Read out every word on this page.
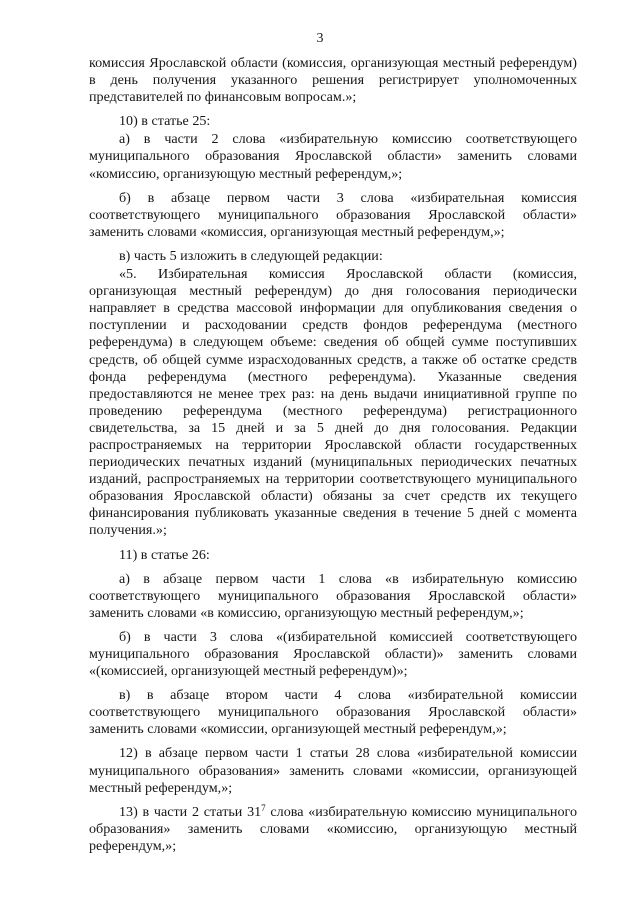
3

комиссия Ярославской области (комиссия, организующая местный референдум) в день получения указанного решения регистрирует уполномоченных представителей по финансовым вопросам.»;

10) в статье 25:

а) в части 2 слова «избирательную комиссию соответствующего муниципального образования Ярославской области» заменить словами «комиссию, организующую местный референдум,»;

б) в абзаце первом части 3 слова «избирательная комиссия соответствующего муниципального образования Ярославской области» заменить словами «комиссия, организующая местный референдум,»;

в) часть 5 изложить в следующей редакции:

«5. Избирательная комиссия Ярославской области (комиссия, организующая местный референдум) до дня голосования периодически направляет в средства массовой информации для опубликования сведения о поступлении и расходовании средств фондов референдума (местного референдума) в следующем объеме: сведения об общей сумме поступивших средств, об общей сумме израсходованных средств, а также об остатке средств фонда референдума (местного референдума). Указанные сведения предоставляются не менее трех раз: на день выдачи инициативной группе по проведению референдума (местного референдума) регистрационного свидетельства, за 15 дней и за 5 дней до дня голосования. Редакции распространяемых на территории Ярославской области государственных периодических печатных изданий (муниципальных периодических печатных изданий, распространяемых на территории соответствующего муниципального образования Ярославской области) обязаны за счет средств их текущего финансирования публиковать указанные сведения в течение 5 дней с момента получения.»;

11) в статье 26:

а) в абзаце первом части 1 слова «в избирательную комиссию соответствующего муниципального образования Ярославской области» заменить словами «в комиссию, организующую местный референдум,»;

б) в части 3 слова «(избирательной комиссией соответствующего муниципального образования Ярославской области)» заменить словами «(комиссией, организующей местный референдум)»;

в) в абзаце втором части 4 слова «избирательной комиссии соответствующего муниципального образования Ярославской области» заменить словами «комиссии, организующей местный референдум,»;

12) в абзаце первом части 1 статьи 28 слова «избирательной комиссии муниципального образования» заменить словами «комиссии, организующей местный референдум,»;

13) в части 2 статьи $31^7$ слова «избирательную комиссию муниципального образования» заменить словами «комиссию, организующую местный референдум,»;
